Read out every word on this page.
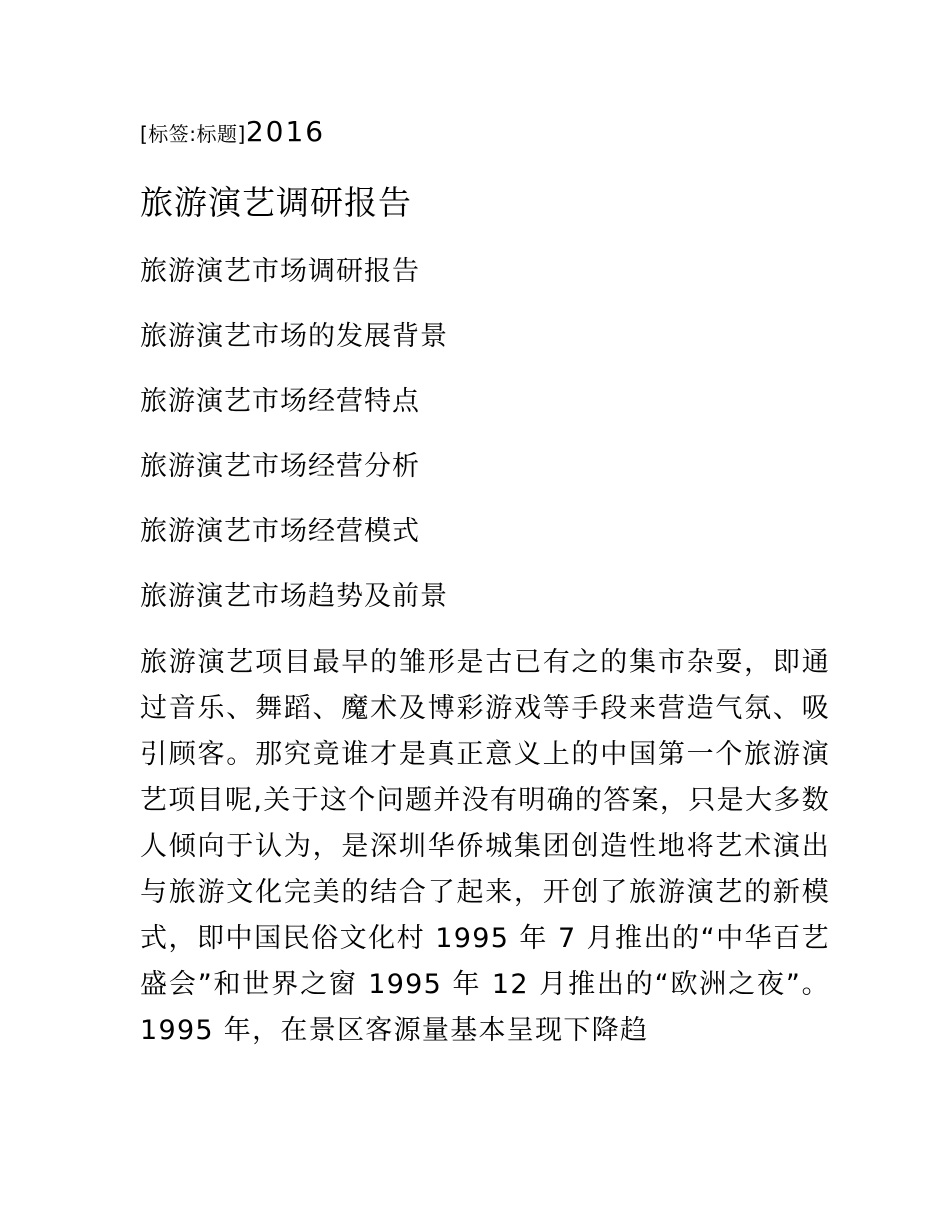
[标签:标题]2016
旅游演艺调研报告
旅游演艺市场调研报告
旅游演艺市场的发展背景
旅游演艺市场经营特点
旅游演艺市场经营分析
旅游演艺市场经营模式
旅游演艺市场趋势及前景

旅游演艺项目最早的雏形是古已有之的集市杂耍，即通过音乐、舞蹈、魔术及博彩游戏等手段来营造气氛、吸引顾客。那究竟谁才是真正意义上的中国第一个旅游演艺项目呢,关于这个问题并没有明确的答案，只是大多数人倾向于认为，是深圳华侨城集团创造性地将艺术演出与旅游文化完美的结合了起来，开创了旅游演艺的新模式，即中国民俗文化村 1995 年 7 月推出的“中华百艺盛会”和世界之窗 1995 年 12 月推出的“欧洲之夜”。1995 年，在景区客源量基本呈现下降趋
